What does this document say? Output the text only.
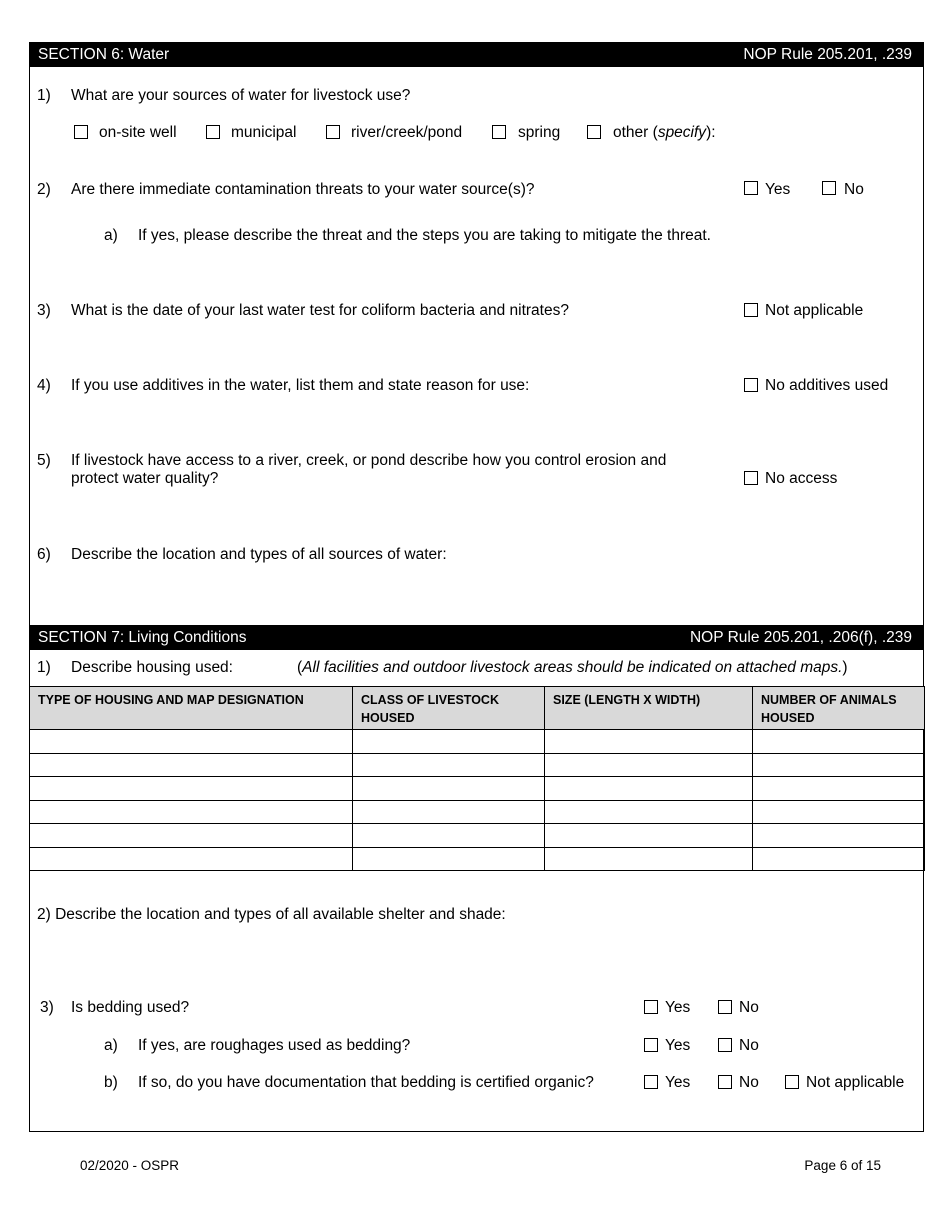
SECTION 6: Water	NOP Rule 205.201, .239
1) What are your sources of water for livestock use?
on-site well	municipal	river/creek/pond	spring	other (specify):
2) Are there immediate contamination threats to your water source(s)?	Yes	No
a) If yes, please describe the threat and the steps you are taking to mitigate the threat.
3) What is the date of your last water test for coliform bacteria and nitrates?	Not applicable
4) If you use additives in the water, list them and state reason for use:	No additives used
5) If livestock have access to a river, creek, or pond describe how you control erosion and
protect water quality?	No access
6) Describe the location and types of all sources of water:
SECTION 7: Living Conditions	NOP Rule 205.201, .206(f), .239
1) Describe housing used:	(All facilities and outdoor livestock areas should be indicated on attached maps.)
TYPE OF HOUSING AND MAP DESIGNATION	CLASS OF LIVESTOCK HOUSED	SIZE (LENGTH X WIDTH)	NUMBER OF ANIMALS HOUSED

2) Describe the location and types of all available shelter and shade:
3) Is bedding used?	Yes	No
a) If yes, are roughages used as bedding?	Yes	No
b) If so, do you have documentation that bedding is certified organic?	Yes	No	Not applicable
02/2020 - OSPR	Page 6 of 15
